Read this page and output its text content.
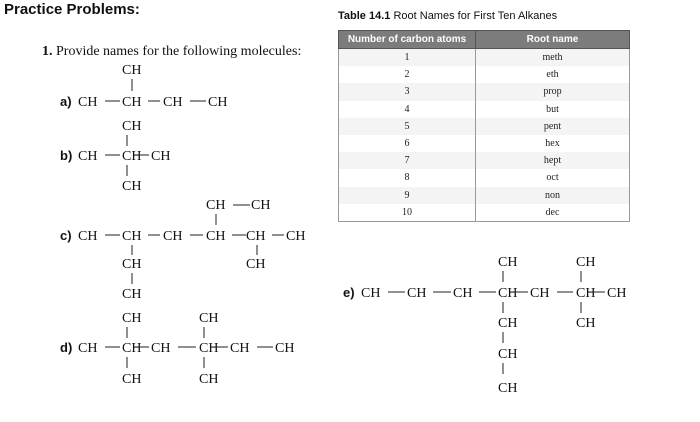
Practice Problems:
1. Provide names for the following molecules:
Table 14.1 Root Names for First Ten Alkanes
Number of carbon atoms	Root name
1	meth
2	eth
3	prop
4	but
5	pent
6	hex
7	hept
8	oct
9	non
10	dec
a) CH CH CH CH
CH
b) CH CH CH
CH
CH
c) CH CH CH CH CH CH
CH CH
CH
CH
CH
d) CH CH CH CH CH CH
CH
CH
CH
CH
e) CH CH CH CH CH CH CH
CH
CH
CH
CH
CH
CH
